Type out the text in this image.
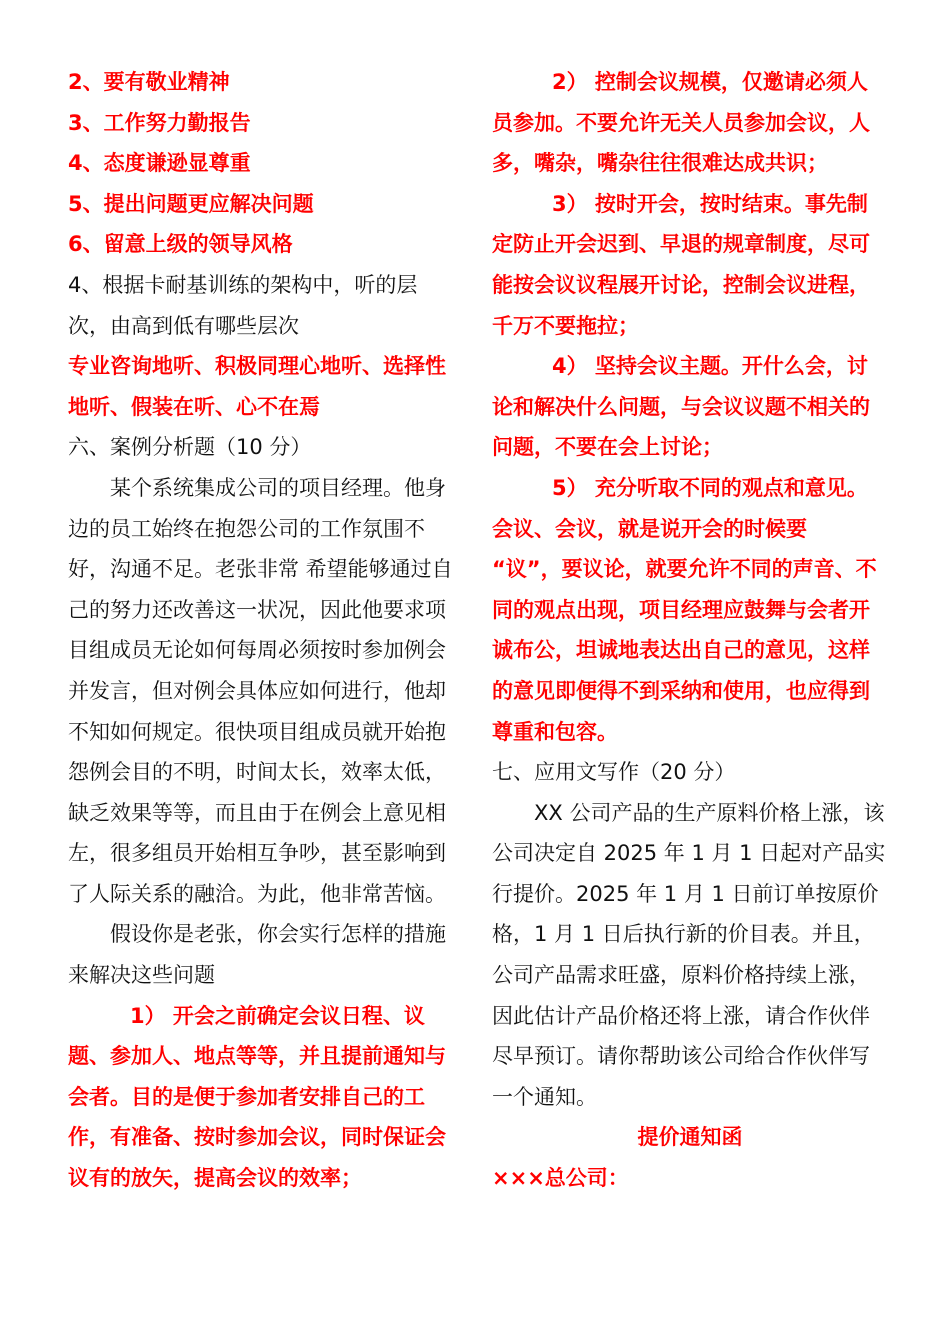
2、要有敬业精神

3、工作努力勤报告

4、态度谦逊显尊重

5、提出问题更应解决问题

6、留意上级的领导风格

4、根据卡耐基训练的架构中，听的层

次，由高到低有哪些层次

专业咨询地听、积极同理心地听、选择性地听、假装在听、心不在焉

六、案例分析题（10 分）

某个系统集成公司的项目经理。他身边的员工始终在抱怨公司的工作氛围不好，沟通不足。老张非常 希望能够通过自己的努力还改善这一状况，因此他要求项目组成员无论如何每周必须按时参加例会并发言，但对例会具体应如何进行，他却不知如何规定。很快项目组成员就开始抱怨例会目的不明，时间太长，效率太低，缺乏效果等等，而且由于在例会上意见相左，很多组员开始相互争吵，甚至影响到了人际关系的融洽。为此，他非常苦恼。

假设你是老张，你会实行怎样的措施来解决这些问题

1） 开会之前确定会议日程、议题、参加人、地点等等，并且提前通知与会者。目的是便于参加者安排自己的工作，有准备、按时参加会议，同时保证会议有的放矢，提高会议的效率；

2） 控制会议规模，仅邀请必须人员参加。不要允许无关人员参加会议，人多，嘴杂，嘴杂往往很难达成共识；

3） 按时开会，按时结束。事先制定防止开会迟到、早退的规章制度，尽可能按会议议程展开讨论，控制会议进程，千万不要拖拉；

4） 坚持会议主题。开什么会，讨论和解决什么问题，与会议议题不相关的问题，不要在会上讨论；

5） 充分听取不同的观点和意见。

会议、会议，就是说开会的时候要

“议”，要议论，就要允许不同的声音、不同的观点出现，项目经理应鼓舞与会者开诚布公，坦诚地表达出自己的意见，这样的意见即便得不到采纳和使用，也应得到尊重和包容。

七、应用文写作（20 分）

XX 公司产品的生产原料价格上涨，该公司决定自 2025 年 1 月 1 日起对产品实行提价。2025 年 1 月 1 日前订单按原价格，1 月 1 日后执行新的价目表。并且，公司产品需求旺盛，原料价格持续上涨，因此估计产品价格还将上涨，请合作伙伴尽早预订。请你帮助该公司给合作伙伴写一个通知。

提价通知函

×××总公司：
